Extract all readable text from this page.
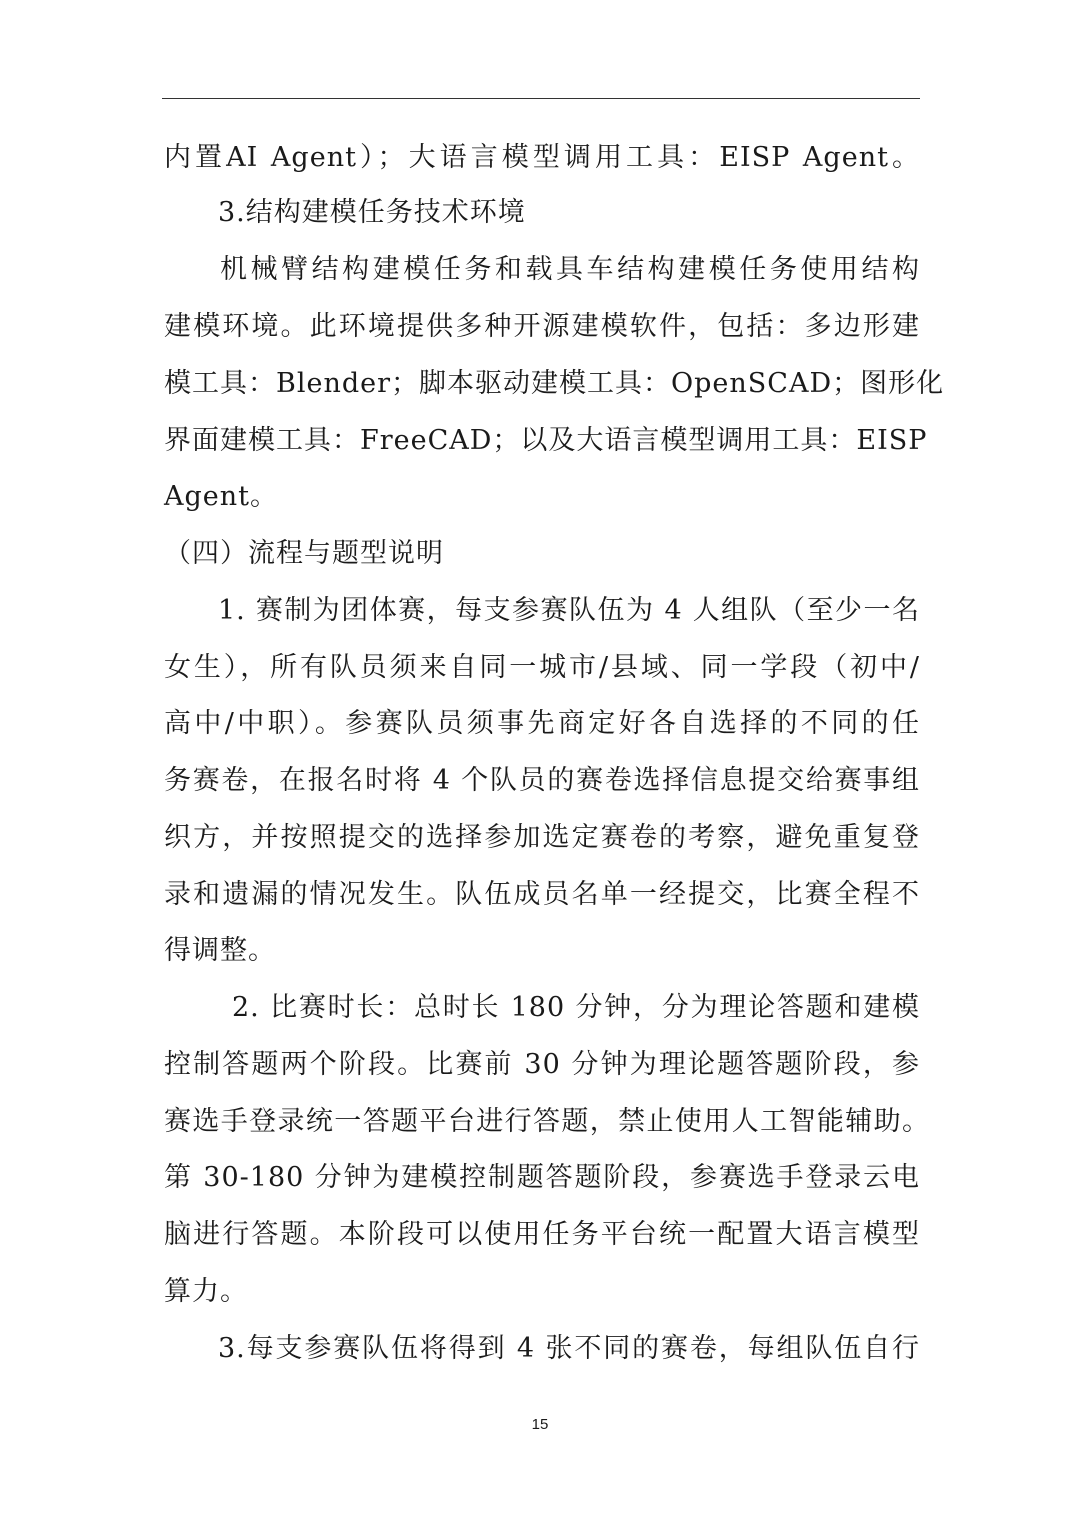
内置AI Agent）；大语言模型调用工具：EISP Agent。
3.结构建模任务技术环境
机械臂结构建模任务和载具车结构建模任务使用结构
建模环境。此环境提供多种开源建模软件，包括：多边形建
模工具：Blender；脚本驱动建模工具：OpenSCAD；图形化
界面建模工具：FreeCAD；以及大语言模型调用工具：EISP
Agent。
（四）流程与题型说明
1. 赛制为团体赛，每支参赛队伍为 4 人组队（至少一名
女生），所有队员须来自同一城市/县域、同一学段（初中/
高中/中职）。参赛队员须事先商定好各自选择的不同的任
务赛卷，在报名时将 4 个队员的赛卷选择信息提交给赛事组
织方，并按照提交的选择参加选定赛卷的考察，避免重复登
录和遗漏的情况发生。队伍成员名单一经提交，比赛全程不
得调整。
2. 比赛时长：总时长 180 分钟，分为理论答题和建模
控制答题两个阶段。比赛前 30 分钟为理论题答题阶段，参
赛选手登录统一答题平台进行答题，禁止使用人工智能辅助。
第 30-180 分钟为建模控制题答题阶段，参赛选手登录云电
脑进行答题。本阶段可以使用任务平台统一配置大语言模型
算力。
3.每支参赛队伍将得到 4 张不同的赛卷，每组队伍自行
15
